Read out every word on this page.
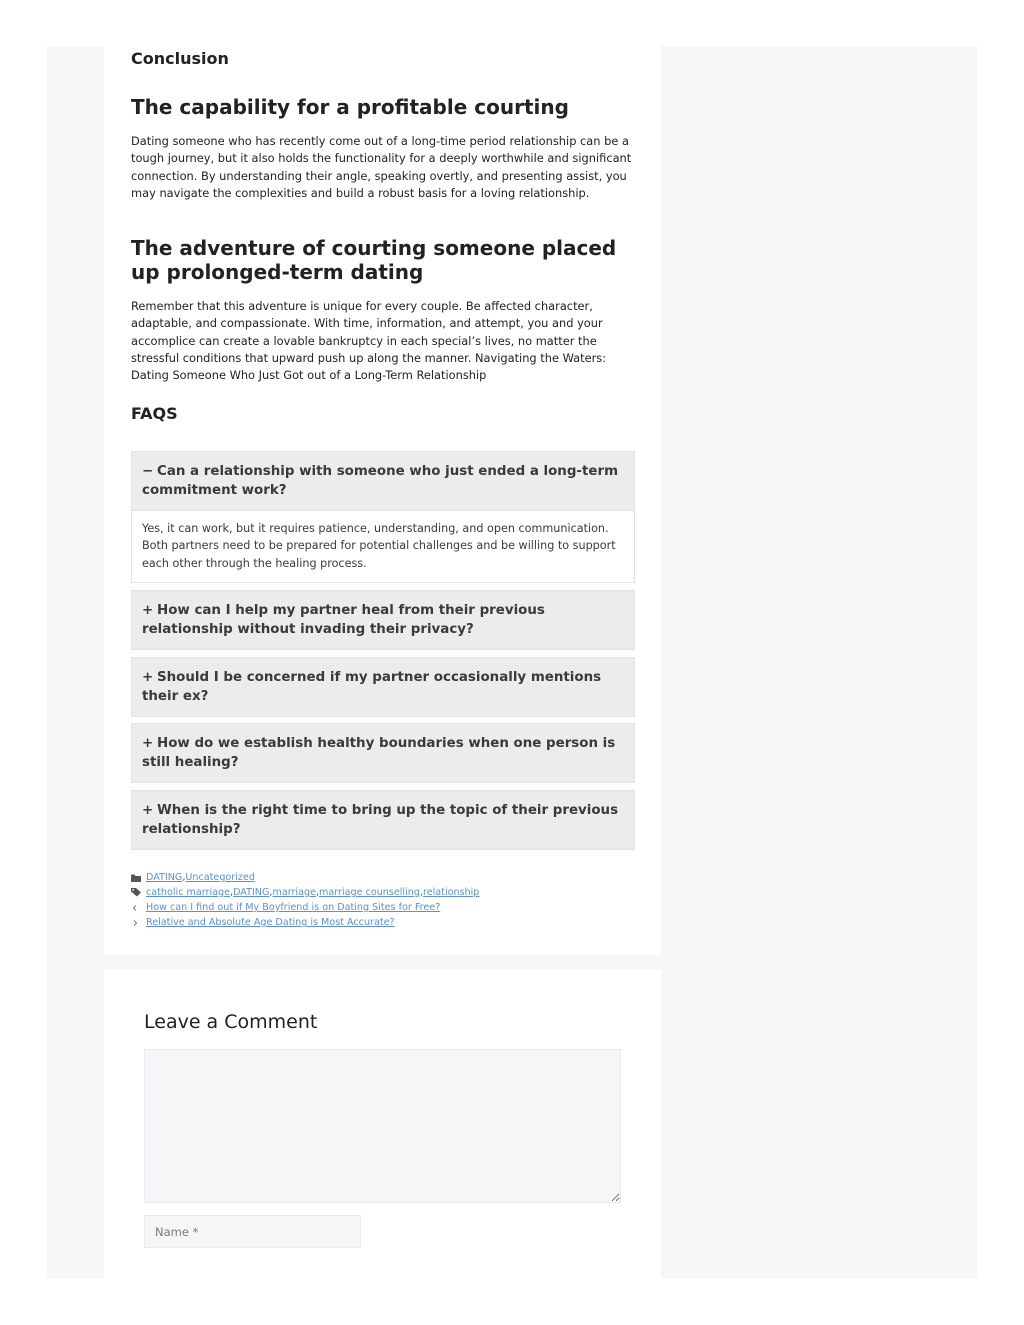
Conclusion
The capability for a profitable courting

Dating someone who has recently come out of a long-time period relationship can be a tough journey, but it also holds the functionality for a deeply worthwhile and significant connection. By understanding their angle, speaking overtly, and presenting assist, you may navigate the complexities and build a robust basis for a loving relationship.

The adventure of courting someone placed up prolonged-term dating

Remember that this adventure is unique for every couple. Be affected character, adaptable, and compassionate. With time, information, and attempt, you and your accomplice can create a lovable bankruptcy in each special’s lives, no matter the stressful conditions that upward push up along the manner. Navigating the Waters: Dating Someone Who Just Got out of a Long-Term Relationship

FAQS
− Can a relationship with someone who just ended a long-term commitment work?
Yes, it can work, but it requires patience, understanding, and open communication. Both partners need to be prepared for potential challenges and be willing to support each other through the healing process.
+ How can I help my partner heal from their previous relationship without invading their privacy?
+ Should I be concerned if my partner occasionally mentions their ex?
+ How do we establish healthy boundaries when one person is still healing?
+ When is the right time to bring up the topic of their previous relationship?
DATING , Uncategorized
catholic marriage , DATING , marriage , marriage counselling , relationship
How can I find out if My Boyfriend is on Dating Sites for Free?
Relative and Absolute Age Dating is Most Accurate?
Leave a Comment
Name *
